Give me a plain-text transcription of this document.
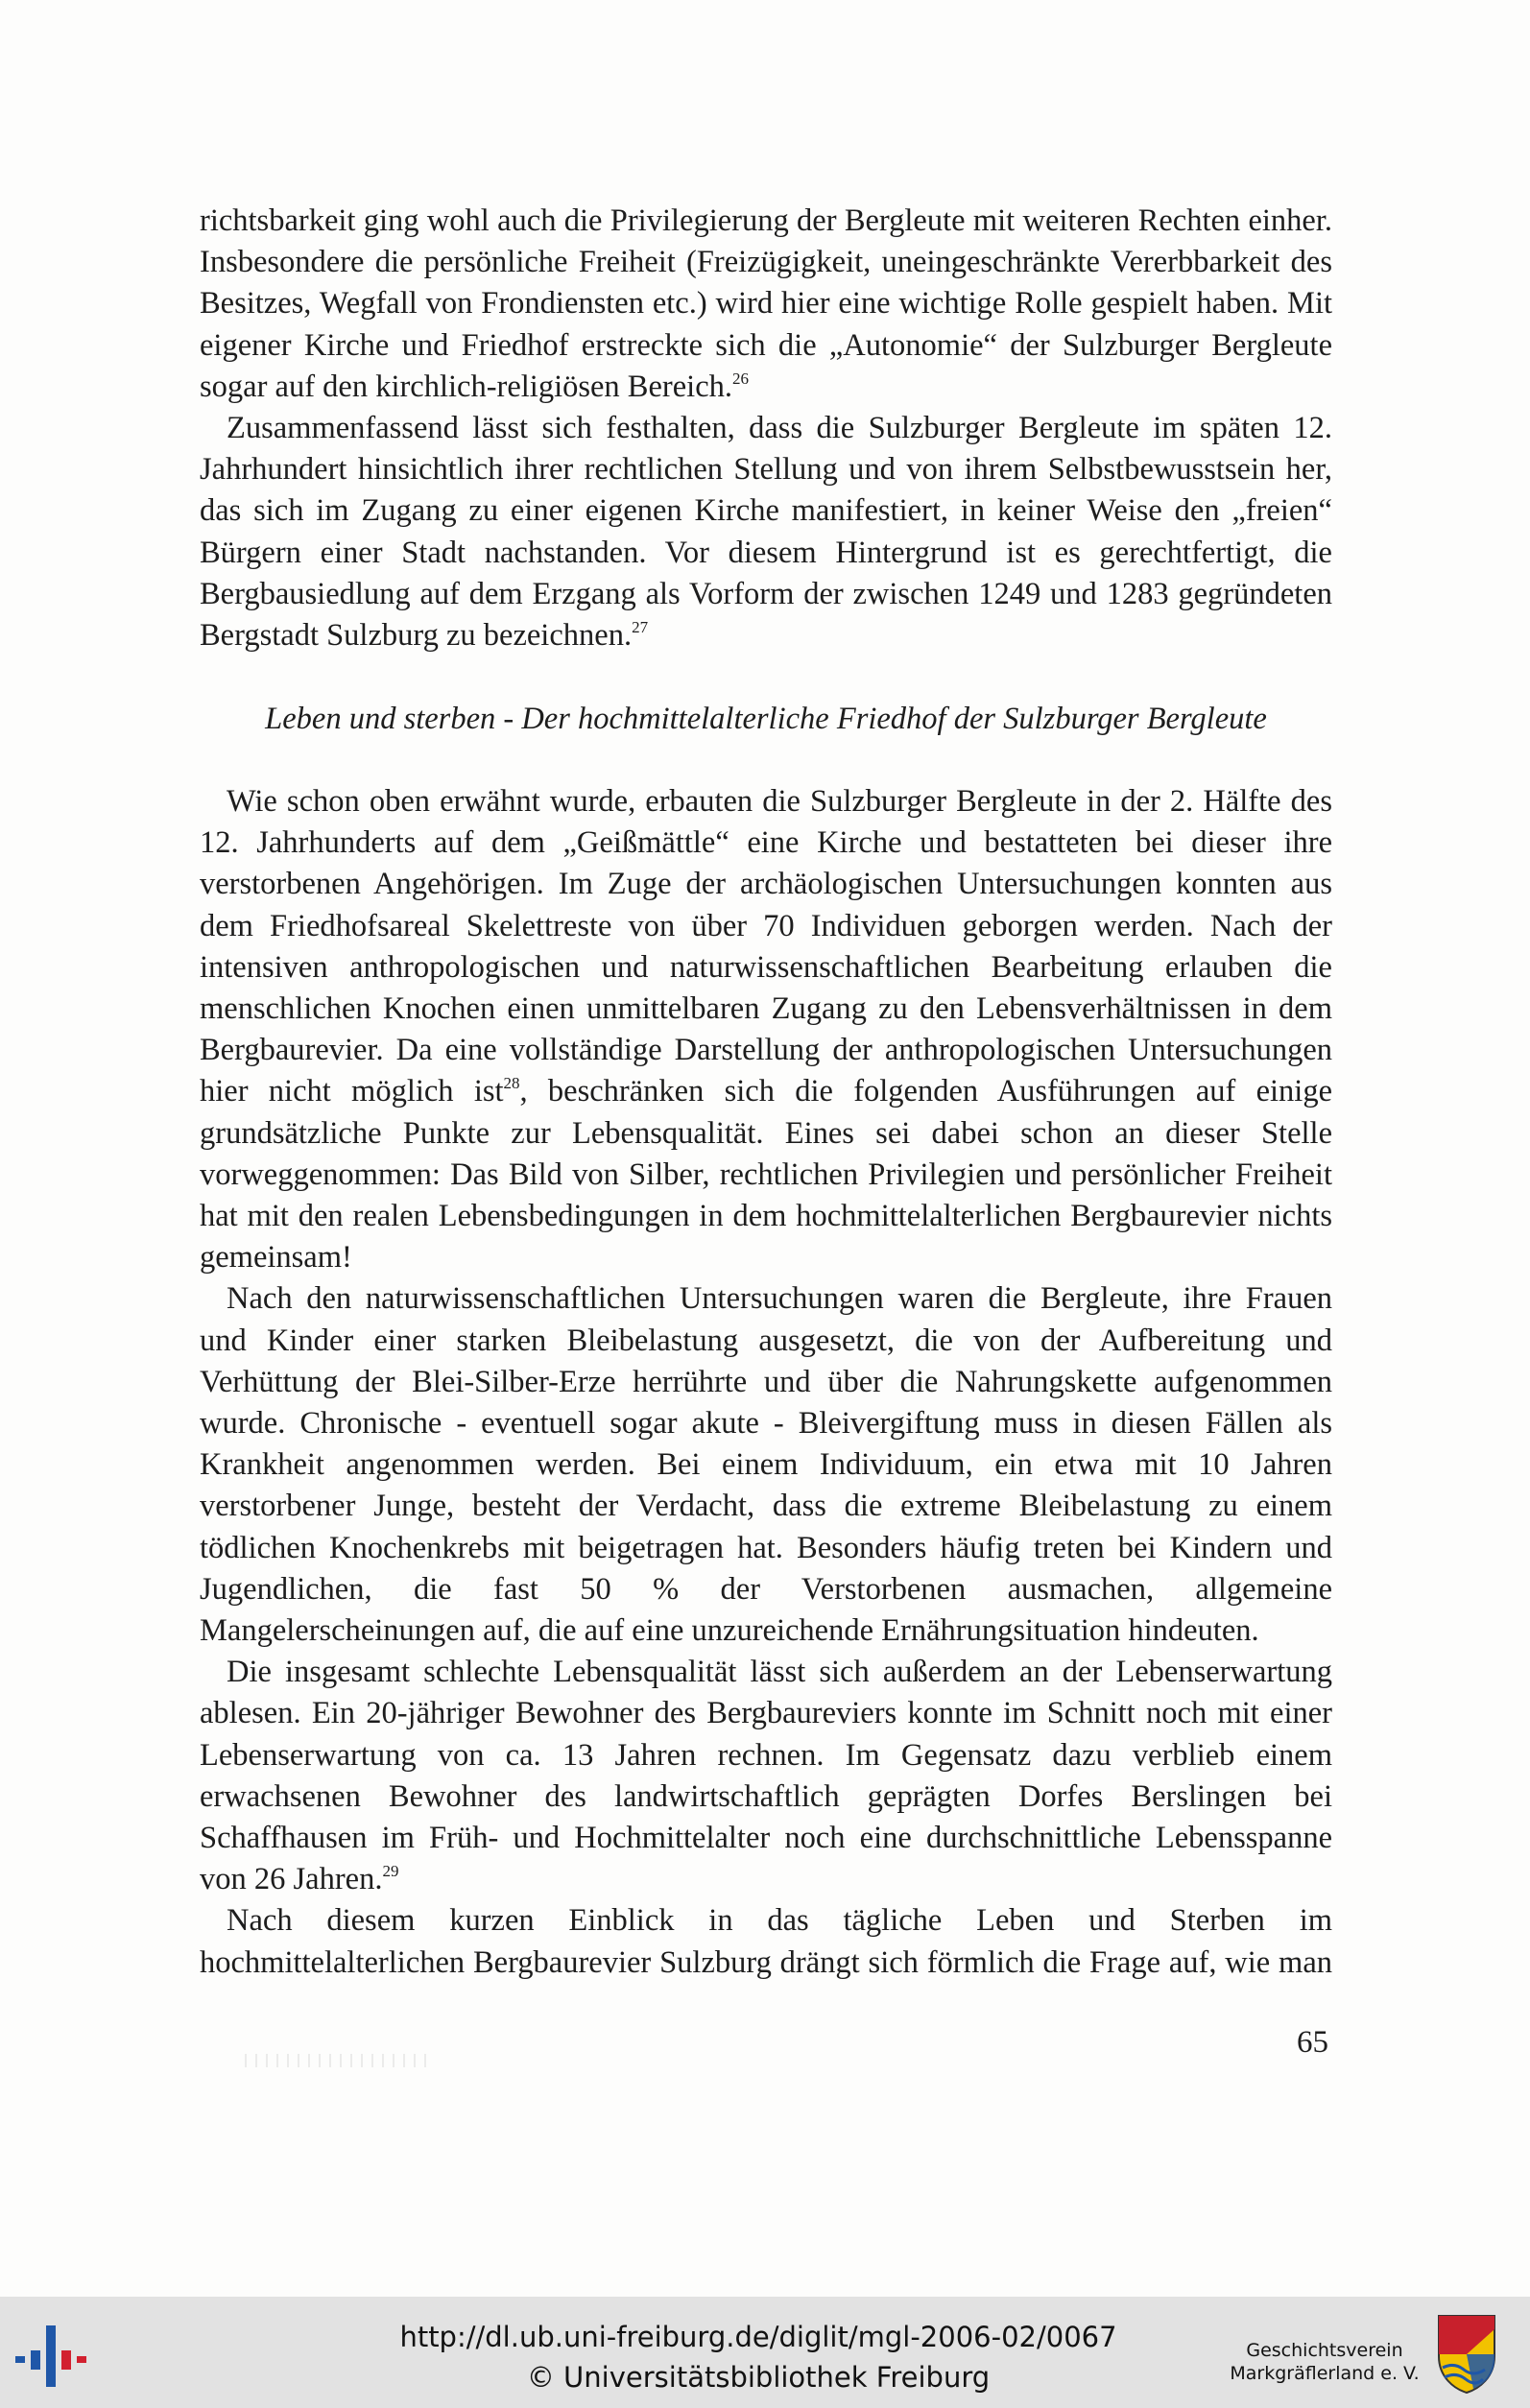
richtsbarkeit ging wohl auch die Privilegierung der Bergleute mit weiteren Rechten einher. Insbesondere die persönliche Freiheit (Freizügigkeit, uneingeschränkte Vererbbarkeit des Besitzes, Wegfall von Frondiensten etc.) wird hier eine wichtige Rolle gespielt haben. Mit eigener Kirche und Friedhof erstreckte sich die „Autonomie“ der Sulzburger Bergleute sogar auf den kirchlich-religiösen Bereich.$^{26}$

Zusammenfassend lässt sich festhalten, dass die Sulzburger Bergleute im späten 12. Jahrhundert hinsichtlich ihrer rechtlichen Stellung und von ihrem Selbstbewusstsein her, das sich im Zugang zu einer eigenen Kirche manifestiert, in keiner Weise den „freien“ Bürgern einer Stadt nachstanden. Vor diesem Hintergrund ist es gerechtfertigt, die Bergbausiedlung auf dem Erzgang als Vorform der zwischen 1249 und 1283 gegründeten Bergstadt Sulzburg zu bezeichnen.$^{27}$

Leben und sterben - Der hochmittelalterliche Friedhof der Sulzburger Bergleute

Wie schon oben erwähnt wurde, erbauten die Sulzburger Bergleute in der 2. Hälfte des 12. Jahrhunderts auf dem „Geißmättle“ eine Kirche und bestatteten bei dieser ihre verstorbenen Angehörigen. Im Zuge der archäologischen Untersuchungen konnten aus dem Friedhofsareal Skelettreste von über 70 Individuen geborgen werden. Nach der intensiven anthropologischen und naturwissenschaftlichen Bearbeitung erlauben die menschlichen Knochen einen unmittelbaren Zugang zu den Lebensverhältnissen in dem Bergbaurevier. Da eine vollständige Darstellung der anthropologischen Untersuchungen hier nicht möglich ist$^{28}$, beschränken sich die folgenden Ausführungen auf einige grundsätzliche Punkte zur Lebensqualität. Eines sei dabei schon an dieser Stelle vorweggenommen: Das Bild von Silber, rechtlichen Privilegien und persönlicher Freiheit hat mit den realen Lebensbedingungen in dem hochmittelalterlichen Bergbaurevier nichts gemeinsam!

Nach den naturwissenschaftlichen Untersuchungen waren die Bergleute, ihre Frauen und Kinder einer starken Bleibelastung ausgesetzt, die von der Aufbereitung und Verhüttung der Blei-Silber-Erze herrührte und über die Nahrungskette aufgenommen wurde. Chronische - eventuell sogar akute - Bleivergiftung muss in diesen Fällen als Krankheit angenommen werden. Bei einem Individuum, ein etwa mit 10 Jahren verstorbener Junge, besteht der Verdacht, dass die extreme Bleibelastung zu einem tödlichen Knochenkrebs mit beigetragen hat. Besonders häufig treten bei Kindern und Jugendlichen, die fast 50 % der Verstorbenen ausmachen, allgemeine Mangelerscheinungen auf, die auf eine unzureichende Ernährungsituation hindeuten.

Die insgesamt schlechte Lebensqualität lässt sich außerdem an der Lebenserwartung ablesen. Ein 20-jähriger Bewohner des Bergbaureviers konnte im Schnitt noch mit einer Lebenserwartung von ca. 13 Jahren rechnen. Im Gegensatz dazu verblieb einem erwachsenen Bewohner des landwirtschaftlich geprägten Dorfes Berslingen bei Schaffhausen im Früh- und Hochmittelalter noch eine durchschnittliche Lebensspanne von 26 Jahren.$^{29}$

Nach diesem kurzen Einblick in das tägliche Leben und Sterben im hochmittelalterlichen Bergbaurevier Sulzburg drängt sich förmlich die Frage auf, wie man

65
http://dl.ub.uni-freiburg.de/diglit/mgl-2006-02/0067
© Universitätsbibliothek Freiburg
Geschichtsverein
Markgräflerland e. V.
